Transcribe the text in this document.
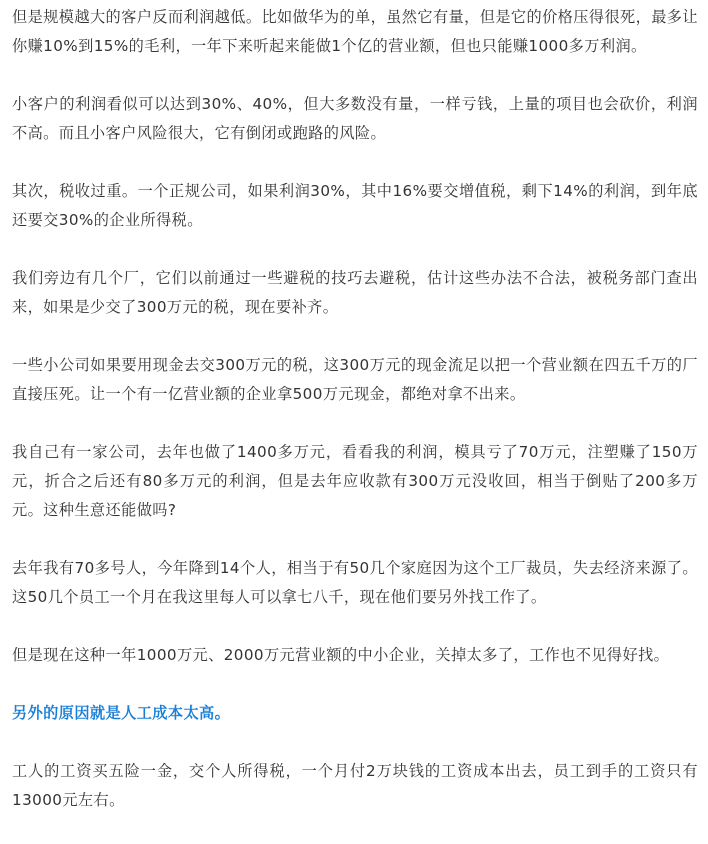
但是规模越大的客户反而利润越低。比如做华为的单，虽然它有量，但是它的价格压得很死，最多让你赚10%到15%的毛利，一年下来听起来能做1个亿的营业额，但也只能赚1000多万利润。

小客户的利润看似可以达到30%、40%，但大多数没有量，一样亏钱，上量的项目也会砍价，利润不高。而且小客户风险很大，它有倒闭或跑路的风险。

其次，税收过重。一个正规公司，如果利润30%，其中16%要交增值税，剩下14%的利润，到年底还要交30%的企业所得税。

我们旁边有几个厂，它们以前通过一些避税的技巧去避税，估计这些办法不合法，被税务部门查出来，如果是少交了300万元的税，现在要补齐。

一些小公司如果要用现金去交300万元的税，这300万元的现金流足以把一个营业额在四五千万的厂直接压死。让一个有一亿营业额的企业拿500万元现金，都绝对拿不出来。

我自己有一家公司，去年也做了1400多万元，看看我的利润，模具亏了70万元，注塑赚了150万元，折合之后还有80多万元的利润，但是去年应收款有300万元没收回，相当于倒贴了200多万元。这种生意还能做吗?

去年我有70多号人，今年降到14个人，相当于有50几个家庭因为这个工厂裁员，失去经济来源了。这50几个员工一个月在我这里每人可以拿七八千，现在他们要另外找工作了。

但是现在这种一年1000万元、2000万元营业额的中小企业，关掉太多了，工作也不见得好找。

另外的原因就是人工成本太高。

工人的工资买五险一金，交个人所得税，一个月付2万块钱的工资成本出去，员工到手的工资只有13000元左右。
